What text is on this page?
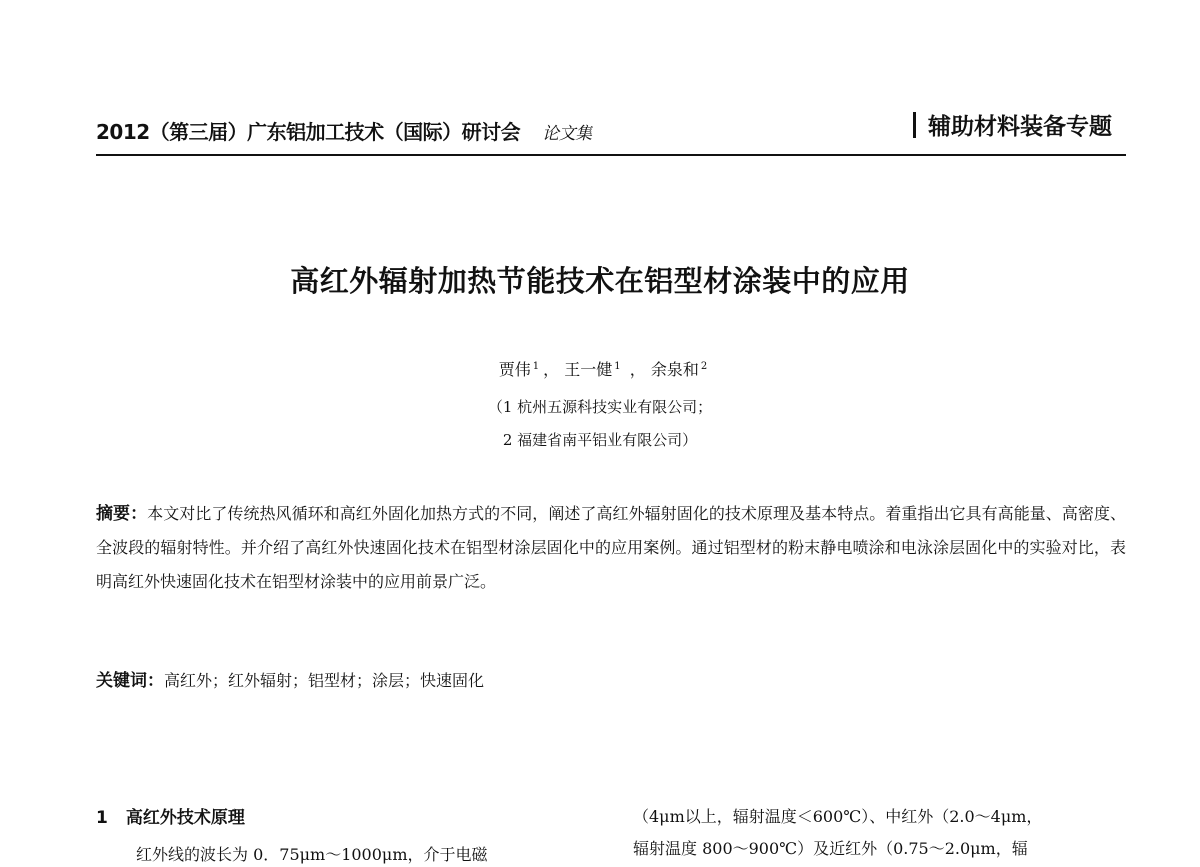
2012（第三届）广东铝加工技术（国际）研讨会 论文集	辅助材料装备专题
高红外辐射加热节能技术在铝型材涂装中的应用
贾伟 $^1$ ， 王一健 $^1$ ， 余泉和 $^2$
（1 杭州五源科技实业有限公司；
2 福建省南平铝业有限公司）
摘要：本文对比了传统热风循环和高红外固化加热方式的不同，阐述了高红外辐射固化的技术原理及基本特点。着重指出它具有高能量、高密度、全波段的辐射特性。并介绍了高红外快速固化技术在铝型材涂层固化中的应用案例。通过铝型材的粉末静电喷涂和电泳涂层固化中的实验对比，表明高红外快速固化技术在铝型材涂装中的应用前景广泛。
关键词：高红外；红外辐射；铝型材；涂层；快速固化
1 高红外技术原理
红外线的波长为 0．75μm～1000μm，介于电磁
（4μm以上，辐射温度＜600℃）、中红外（2.0～4μm，
辐射温度 800～900℃）及近红外（0.75～2.0μm，辐
